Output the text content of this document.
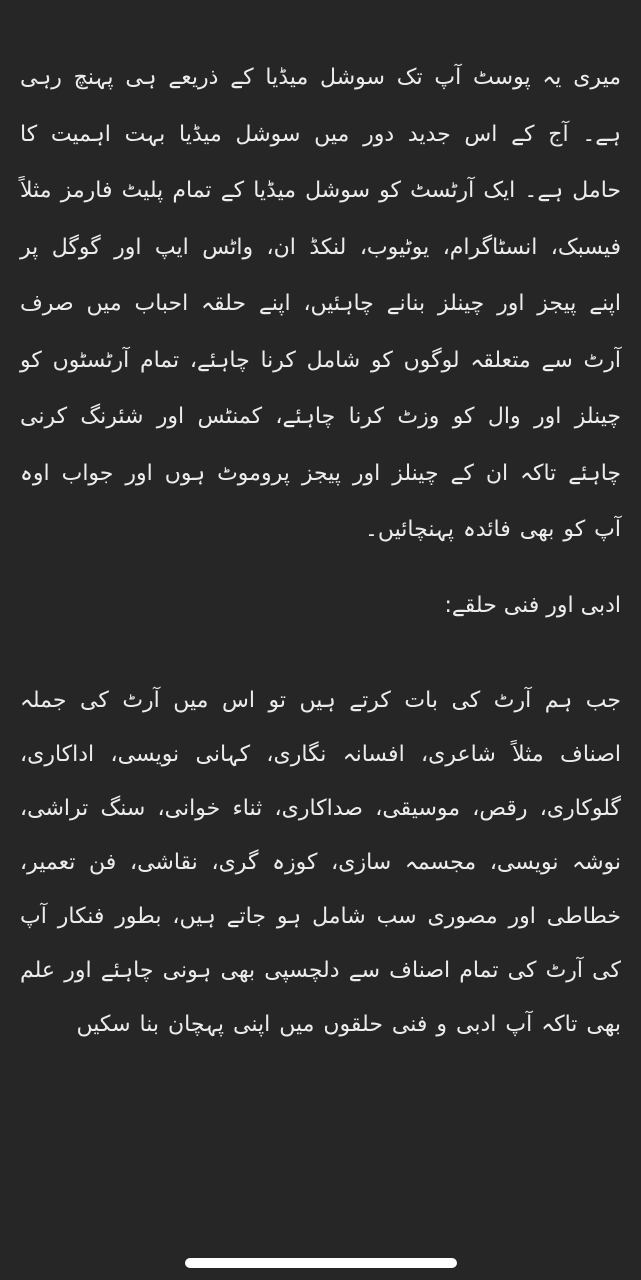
میری یہ پوسٹ آپ تک سوشل میڈیا کے ذریعے ہی پہنچ رہی ہے۔ آج کے اس جدید دور میں سوشل میڈیا بہت اہمیت کا حامل ہے۔ ایک آرٹسٹ کو سوشل میڈیا کے تمام پلیٹ فارمز مثلاً فیسبک، انسٹاگرام، یوٹیوب، لنکڈ ان، واٹس ایپ اور گوگل پر اپنے پیجز اور چینلز بنانے چاہئیں، اپنے حلقہ احباب میں صرف آرٹ سے متعلقہ لوگوں کو شامل کرنا چاہئے، تمام آرٹسٹوں کو چینلز اور وال کو وزٹ کرنا چاہئے، کمنٹس اور شئرنگ کرنی چاہئے تاکہ ان کے چینلز اور پیجز پروموٹ ہوں اور جواب اوہ آپ کو بھی فائدہ پہنچائیں۔
ادبی اور فنی حلقے:
جب ہم آرٹ کی بات کرتے ہیں تو اس میں آرٹ کی جملہ اصناف مثلاً شاعری، افسانہ نگاری، کہانی نویسی، اداکاری، گلوکاری، رقص، موسیقی، صداکاری، ثناء خوانی، سنگ تراشی، نوشہ نویسی، مجسمہ سازی، کوزہ گری، نقاشی، فن تعمیر، خطاطی اور مصوری سب شامل ہو جاتے ہیں، بطور فنکار آپ کی آرٹ کی تمام اصناف سے دلچسپی بھی ہونی چاہئے اور علم بھی تاکہ آپ ادبی و فنی حلقوں میں اپنی پہچان بنا سکیں
